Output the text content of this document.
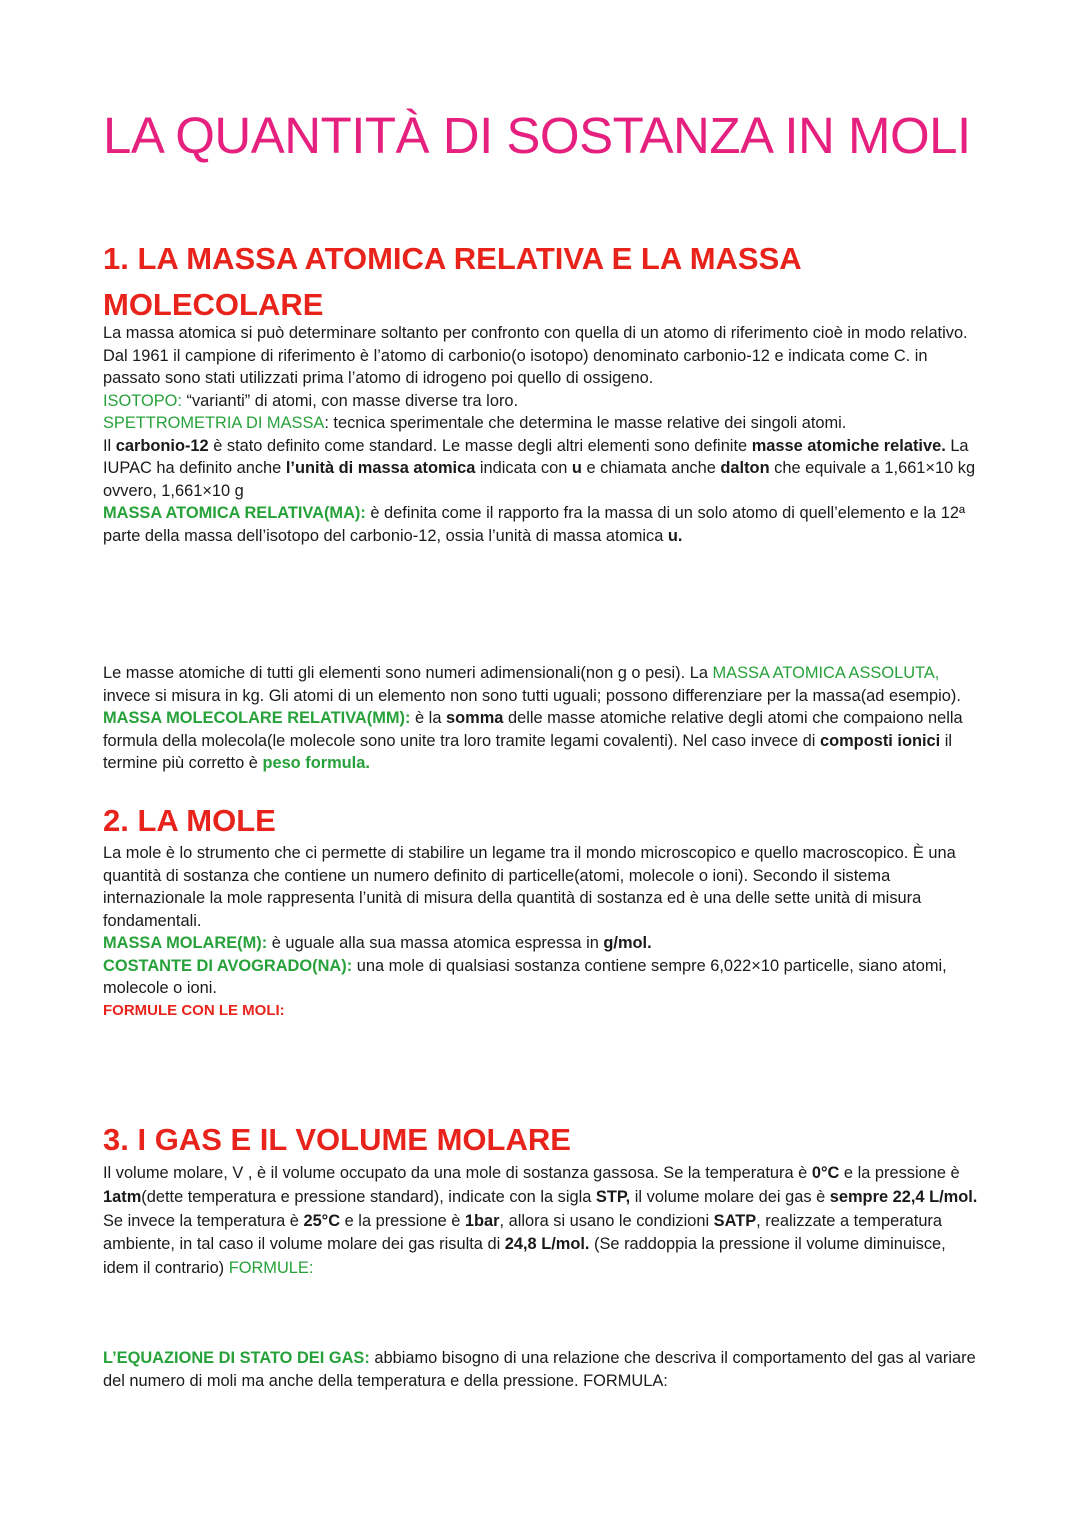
LA QUANTITÀ DI SOSTANZA IN MOLI
1. LA MASSA ATOMICA RELATIVA E LA MASSA MOLECOLARE

La massa atomica si può determinare soltanto per confronto con quella di un atomo di riferimento cioè in modo relativo. Dal 1961 il campione di riferimento è l’atomo di carbonio(o isotopo) denominato carbonio-12 e indicata come C. in passato sono stati utilizzati prima l’atomo di idrogeno poi quello di ossigeno.

ISOTOPO: “varianti” di atomi, con masse diverse tra loro.

SPETTROMETRIA DI MASSA: tecnica sperimentale che determina le masse relative dei singoli atomi.

Il carbonio-12 è stato definito come standard. Le masse degli altri elementi sono definite masse atomiche relative. La IUPAC ha definito anche l’unità di massa atomica indicata con u e chiamata anche dalton che equivale a 1,661×10 kg ovvero, 1,661×10 g

MASSA ATOMICA RELATIVA(MA): è definita come il rapporto fra la massa di un solo atomo di quell’elemento e la 12ª parte della massa dell’isotopo del carbonio-12, ossia l’unità di massa atomica u.

Le masse atomiche di tutti gli elementi sono numeri adimensionali(non g o pesi). La MASSA ATOMICA ASSOLUTA, invece si misura in kg. Gli atomi di un elemento non sono tutti uguali; possono differenziare per la massa(ad esempio).

MASSA MOLECOLARE RELATIVA(MM): è la somma delle masse atomiche relative degli atomi che compaiono nella formula della molecola(le molecole sono unite tra loro tramite legami covalenti). Nel caso invece di composti ionici il termine più corretto è peso formula.

2. LA MOLE

La mole è lo strumento che ci permette di stabilire un legame tra il mondo microscopico e quello macroscopico. È una quantità di sostanza che contiene un numero definito di particelle(atomi, molecole o ioni). Secondo il sistema internazionale la mole rappresenta l’unità di misura della quantità di sostanza ed è una delle sette unità di misura fondamentali.

MASSA MOLARE(M): è uguale alla sua massa atomica espressa in g/mol.

COSTANTE DI AVOGRADO(NA): una mole di qualsiasi sostanza contiene sempre 6,022×10 particelle, siano atomi, molecole o ioni.

FORMULE CON LE MOLI:

3. I GAS E IL VOLUME MOLARE

Il volume molare, V , è il volume occupato da una mole di sostanza gassosa. Se la temperatura è 0°C e la pressione è 1atm(dette temperatura e pressione standard), indicate con la sigla STP, il volume molare dei gas è sempre 22,4 L/mol. Se invece la temperatura è 25°C e la pressione è 1bar, allora si usano le condizioni SATP, realizzate a temperatura ambiente, in tal caso il volume molare dei gas risulta di 24,8 L/mol. (Se raddoppia la pressione il volume diminuisce, idem il contrario) FORMULE:

L’EQUAZIONE DI STATO DEI GAS: abbiamo bisogno di una relazione che descriva il comportamento del gas al variare del numero di moli ma anche della temperatura e della pressione. FORMULA:
